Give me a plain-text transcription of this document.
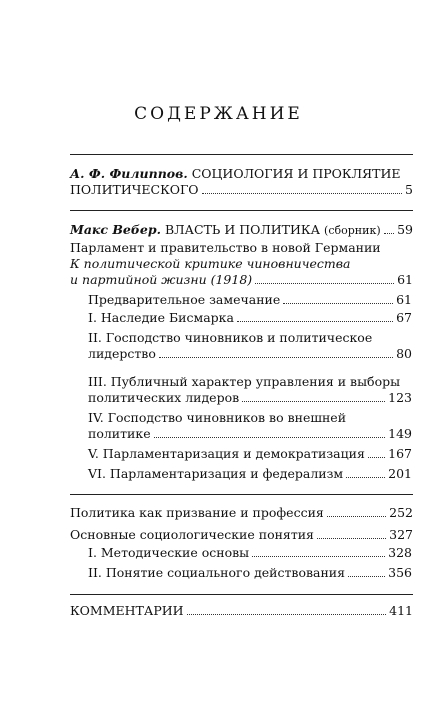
СОДЕРЖАНИЕ
А. Ф. Филиппов. СОЦИОЛОГИЯ И ПРОКЛЯТИЕ
ПОЛИТИЧЕСКОГО	5
Макс Вебер. ВЛАСТЬ И ПОЛИТИКА (сборник) 59
Парламент и правительство в новой Германии
К политической критике чиновничества
и партийной жизни (1918)	61
Предварительное замечание	61
I. Наследие Бисмарка	67
II. Господство чиновников и политическое
лидерство	80
III. Публичный характер управления и выборы
политических лидеров	123
IV. Господство чиновников во внешней
политике	149
V. Парламентаризация и демократизация 167
VI. Парламентаризация и федерализм	201
Политика как призвание и профессия	252
Основные социологические понятия	327
I. Методические основы	328
II. Понятие социального действования	356
КОММЕНТАРИИ	411
